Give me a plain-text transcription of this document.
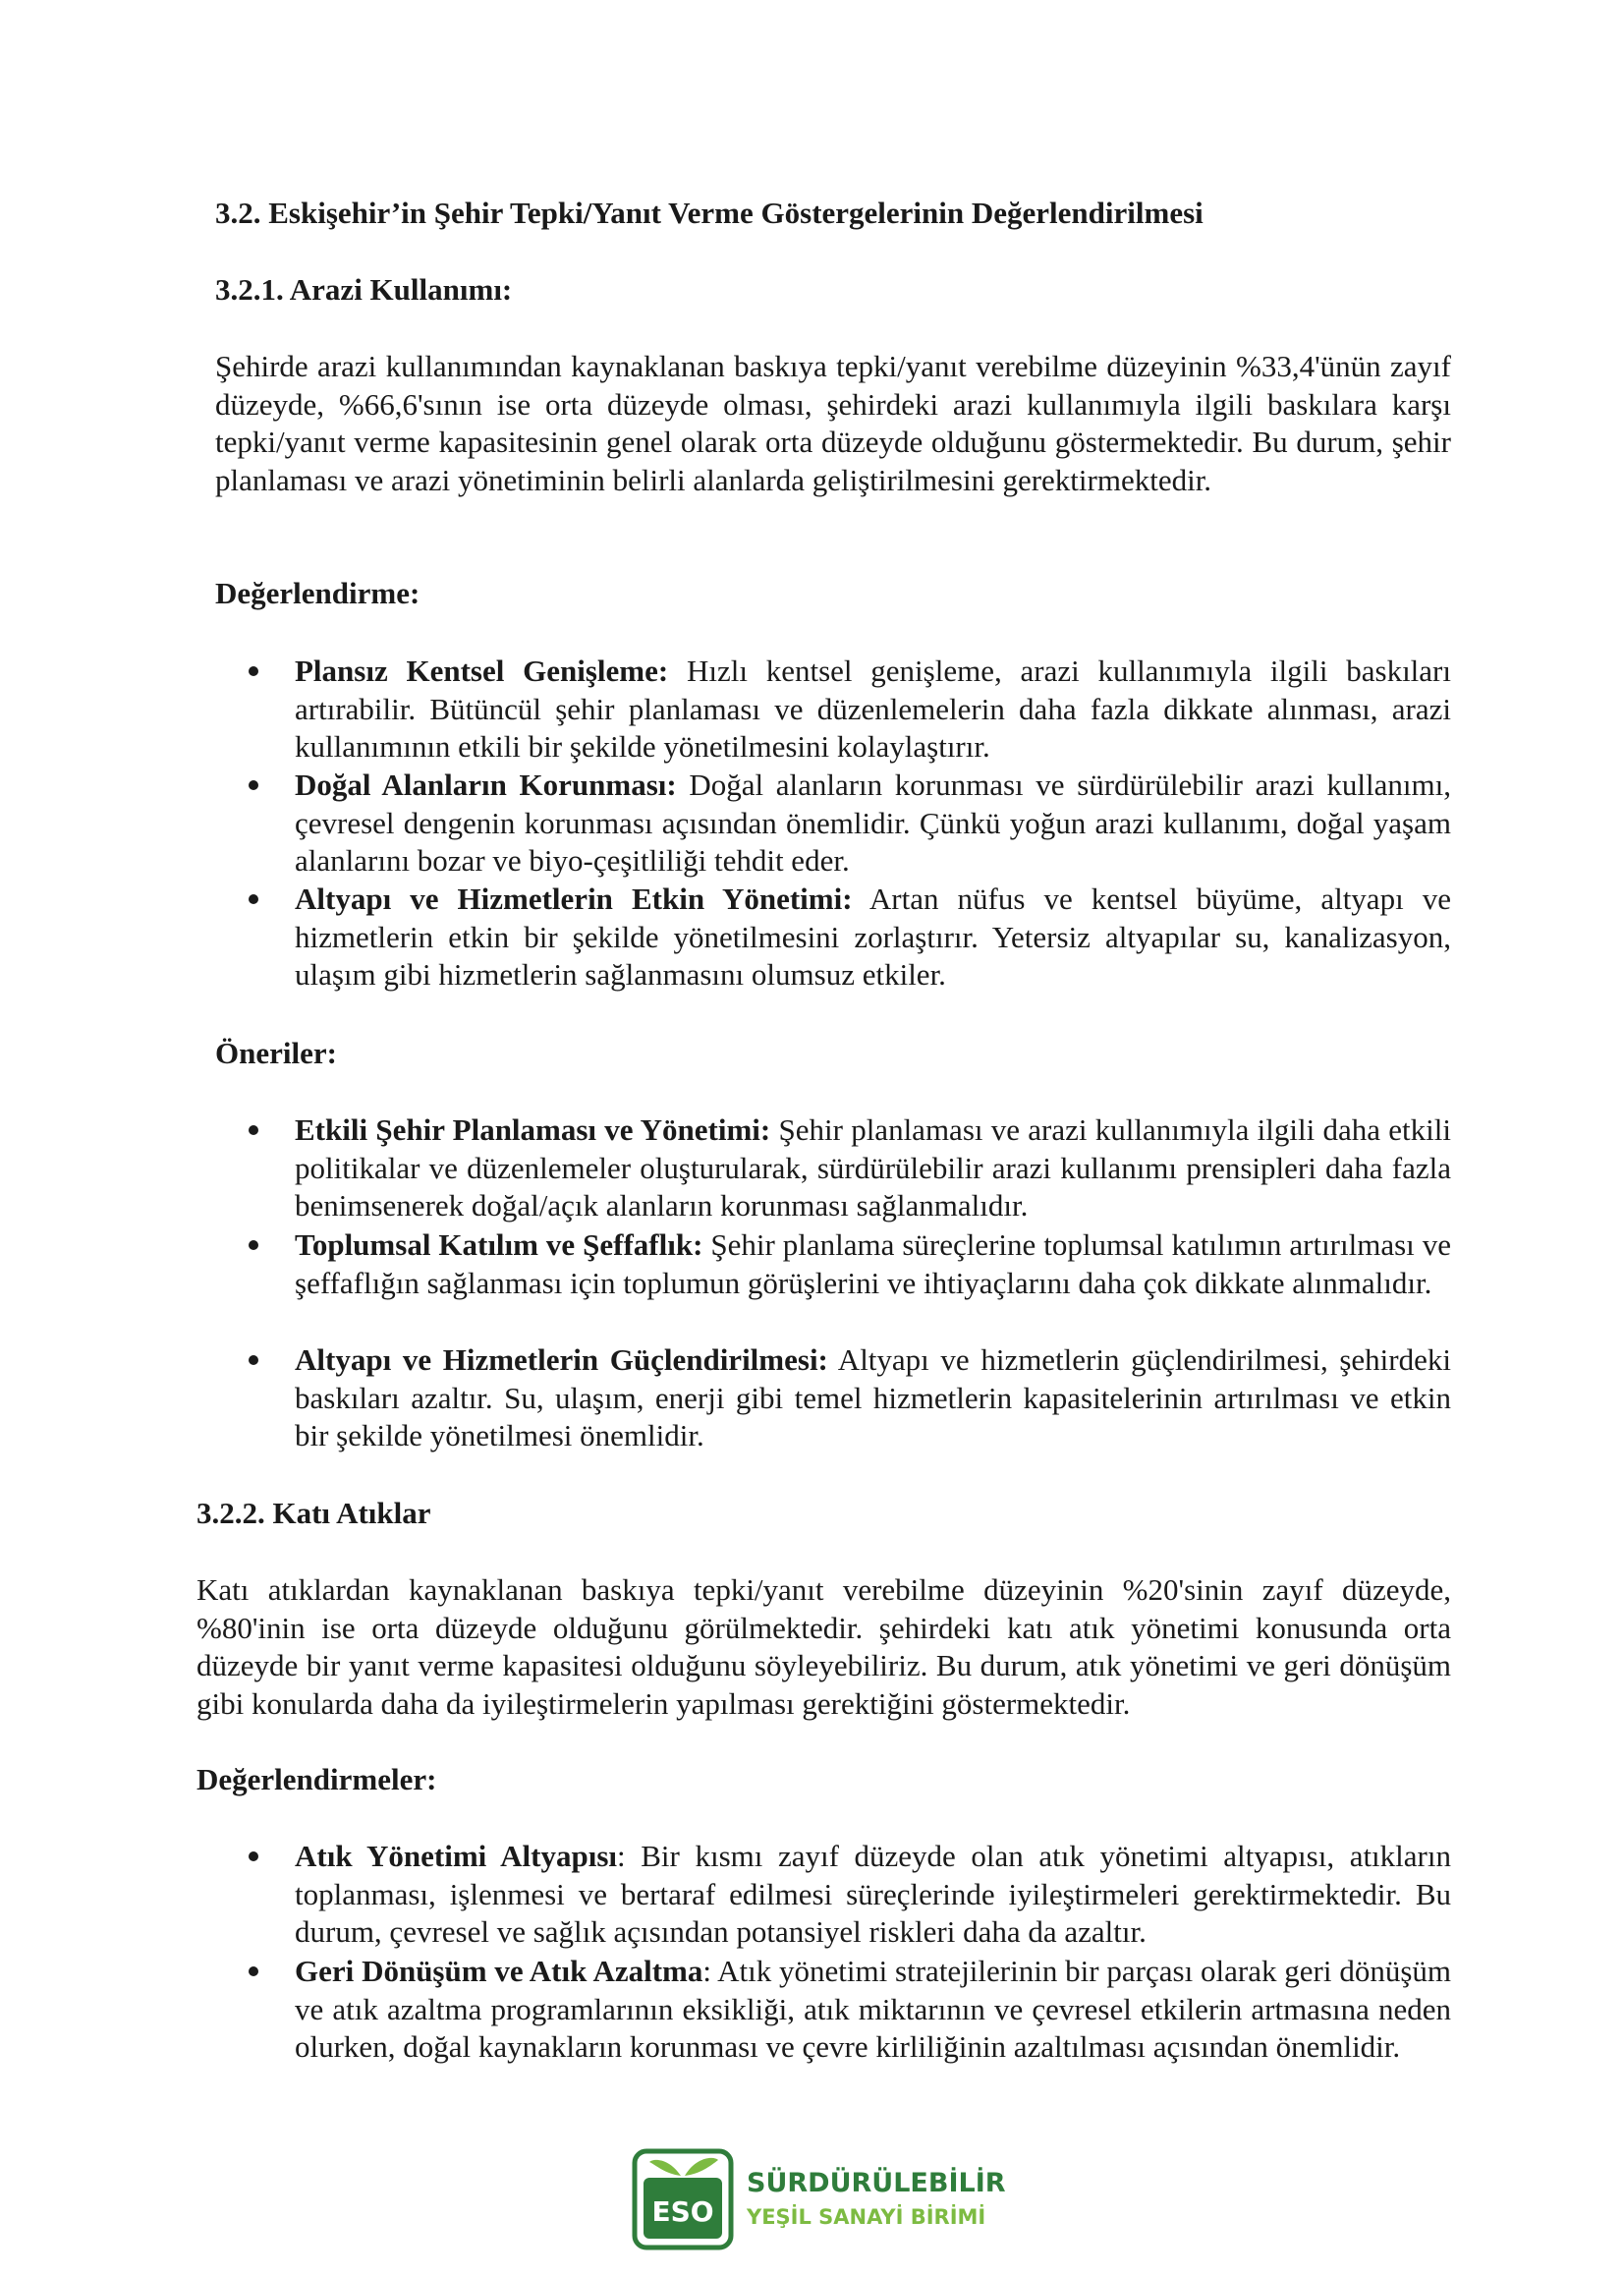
3.2. Eskişehir’in Şehir Tepki/Yanıt Verme Göstergelerinin Değerlendirilmesi
3.2.1. Arazi Kullanımı:

Şehirde arazi kullanımından kaynaklanan baskıya tepki/yanıt verebilme düzeyinin %33,4'ünün zayıf düzeyde, %66,6'sının ise orta düzeyde olması, şehirdeki arazi kullanımıyla ilgili baskılara karşı tepki/yanıt verme kapasitesinin genel olarak orta düzeyde olduğunu göstermektedir. Bu durum, şehir planlaması ve arazi yönetiminin belirli alanlarda geliştirilmesini gerektirmektedir.

Değerlendirme:
Plansız Kentsel Genişleme: Hızlı kentsel genişleme, arazi kullanımıyla ilgili baskıları artırabilir. Bütüncül şehir planlaması ve düzenlemelerin daha fazla dikkate alınması, arazi kullanımının etkili bir şekilde yönetilmesini kolaylaştırır.
Doğal Alanların Korunması: Doğal alanların korunması ve sürdürülebilir arazi kullanımı, çevresel dengenin korunması açısından önemlidir. Çünkü yoğun arazi kullanımı, doğal yaşam alanlarını bozar ve biyo-çeşitliliği tehdit eder.
Altyapı ve Hizmetlerin Etkin Yönetimi: Artan nüfus ve kentsel büyüme, altyapı ve hizmetlerin etkin bir şekilde yönetilmesini zorlaştırır. Yetersiz altyapılar su, kanalizasyon, ulaşım gibi hizmetlerin sağlanmasını olumsuz etkiler.
Öneriler:
Etkili Şehir Planlaması ve Yönetimi: Şehir planlaması ve arazi kullanımıyla ilgili daha etkili politikalar ve düzenlemeler oluşturularak, sürdürülebilir arazi kullanımı prensipleri daha fazla benimsenerek doğal/açık alanların korunması sağlanmalıdır.
Toplumsal Katılım ve Şeffaflık: Şehir planlama süreçlerine toplumsal katılımın artırılması ve şeffaflığın sağlanması için toplumun görüşlerini ve ihtiyaçlarını daha çok dikkate alınmalıdır.
Altyapı ve Hizmetlerin Güçlendirilmesi: Altyapı ve hizmetlerin güçlendirilmesi, şehirdeki baskıları azaltır. Su, ulaşım, enerji gibi temel hizmetlerin kapasitelerinin artırılması ve etkin bir şekilde yönetilmesi önemlidir.
3.2.2. Katı Atıklar

Katı atıklardan kaynaklanan baskıya tepki/yanıt verebilme düzeyinin %20'sinin zayıf düzeyde, %80'inin ise orta düzeyde olduğunu görülmektedir. şehirdeki katı atık yönetimi konusunda orta düzeyde bir yanıt verme kapasitesi olduğunu söyleyebiliriz. Bu durum, atık yönetimi ve geri dönüşüm gibi konularda daha da iyileştirmelerin yapılması gerektiğini göstermektedir.

Değerlendirmeler:
Atık Yönetimi Altyapısı: Bir kısmı zayıf düzeyde olan atık yönetimi altyapısı, atıkların toplanması, işlenmesi ve bertaraf edilmesi süreçlerinde iyileştirmeleri gerektirmektedir. Bu durum, çevresel ve sağlık açısından potansiyel riskleri daha da azaltır.
Geri Dönüşüm ve Atık Azaltma: Atık yönetimi stratejilerinin bir parçası olarak geri dönüşüm ve atık azaltma programlarının eksikliği, atık miktarının ve çevresel etkilerin artmasına neden olurken, doğal kaynakların korunması ve çevre kirliliğinin azaltılması açısından önemlidir.
ESO
SÜRDÜRÜLEBİLİR
YEŞİL SANAYİ BİRİMİ
